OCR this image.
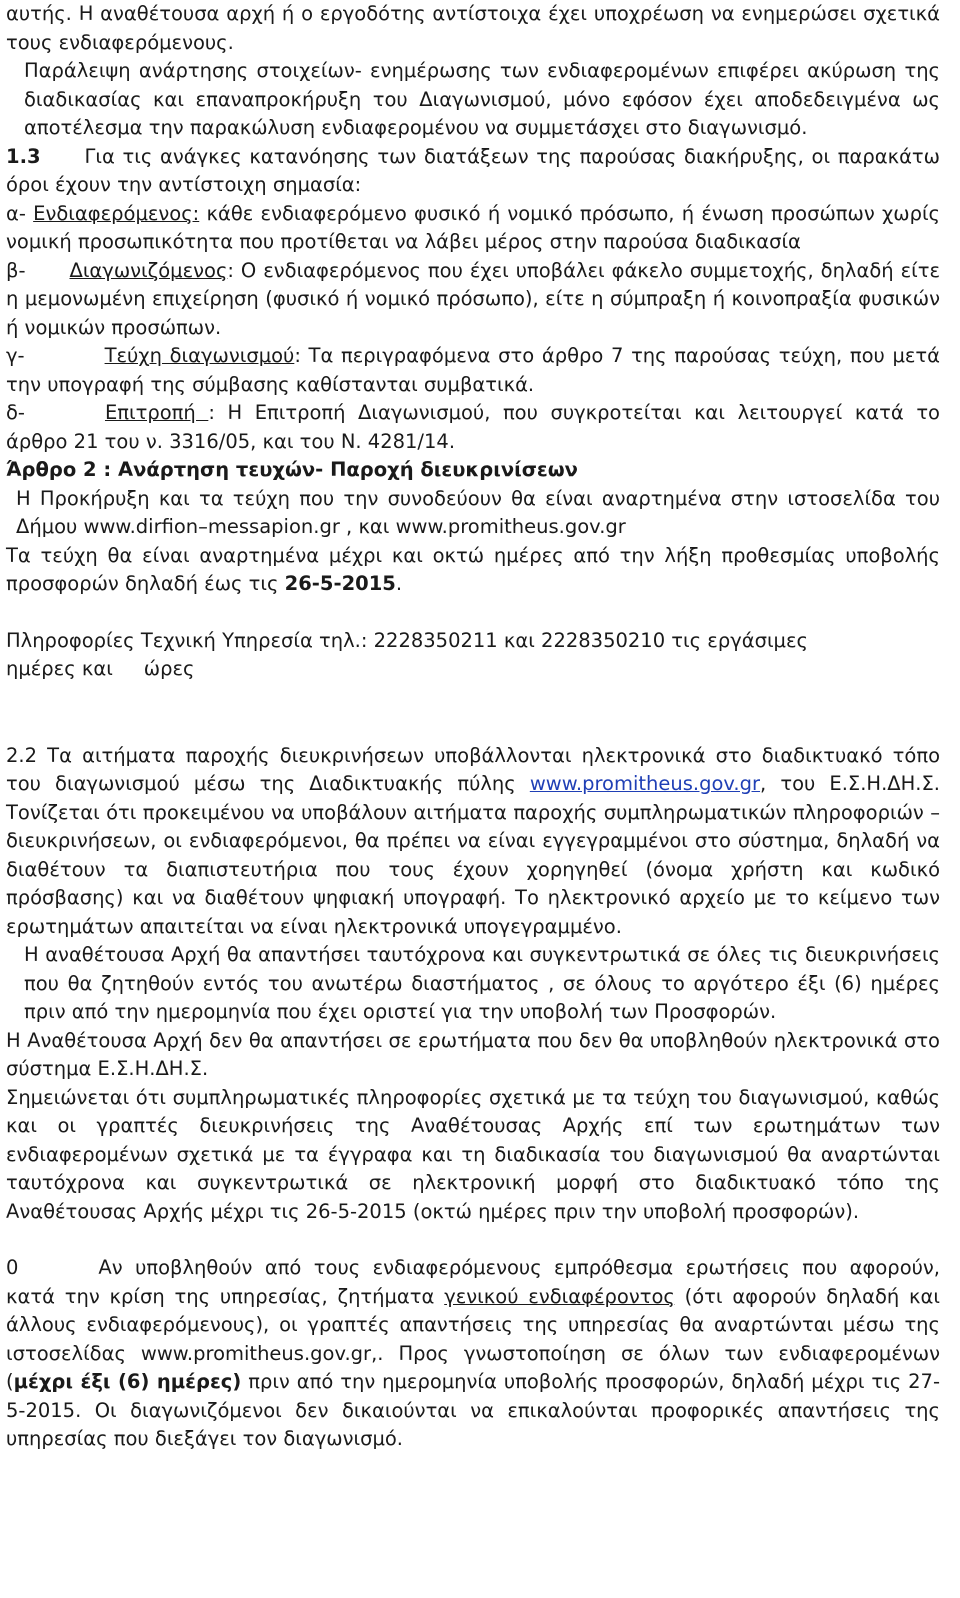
αυτής. Η αναθέτουσα αρχή ή ο εργοδότης αντίστοιχα έχει υποχρέωση να ενημερώσει σχετικά τους ενδιαφερόμενους.

Παράλειψη ανάρτησης στοιχείων- ενημέρωσης των ενδιαφερομένων επιφέρει ακύρωση της διαδικασίας και επαναπροκήρυξη του Διαγωνισμού, μόνο εφόσον έχει αποδεδειγμένα ως αποτέλεσμα την παρακώλυση ενδιαφερομένου να συμμετάσχει στο διαγωνισμό.

1.3 Για τις ανάγκες κατανόησης των διατάξεων της παρούσας διακήρυξης, οι παρακάτω όροι έχουν την αντίστοιχη σημασία:

α- Ενδιαφερόμενος: κάθε ενδιαφερόμενο φυσικό ή νομικό πρόσωπο, ή ένωση προσώπων χωρίς νομική προσωπικότητα που προτίθεται να λάβει μέρος στην παρούσα διαδικασία

β- Διαγωνιζόμενος: Ο ενδιαφερόμενος που έχει υποβάλει φάκελο συμμετοχής, δηλαδή είτε η μεμονωμένη επιχείρηση (φυσικό ή νομικό πρόσωπο), είτε η σύμπραξη ή κοινοπραξία φυσικών ή νομικών προσώπων.

γ-	Τεύχη διαγωνισμού: Τα περιγραφόμενα στο άρθρο 7 της παρούσας τεύχη, που μετά την υπογραφή της σύμβασης καθίστανται συμβατικά.

δ-	Επιτροπή : Η Επιτροπή Διαγωνισμού, που συγκροτείται και λειτουργεί κατά το άρθρο 21 του ν. 3316/05, και του Ν. 4281/14.

Άρθρο 2 : Ανάρτηση τευχών- Παροχή διευκρινίσεων

Η Προκήρυξη και τα τεύχη που την συνοδεύουν θα είναι αναρτημένα στην ιστοσελίδα του Δήμου www.dirfion–messapion.gr , και www.promitheus.gov.gr

Τα τεύχη θα είναι αναρτημένα μέχρι και οκτώ ημέρες από την λήξη προθεσμίας υποβολής προσφορών δηλαδή έως τις 26-5-2015.

Πληροφορίες Τεχνική Υπηρεσία τηλ.: 2228350211 και 2228350210 τις εργάσιμες

ημέρες και     ώρες

2.2 Τα αιτήματα παροχής διευκρινήσεων υποβάλλονται ηλεκτρονικά στο διαδικτυακό τόπο του διαγωνισμού μέσω της Διαδικτυακής πύλης www.promitheus.gov.gr, του Ε.Σ.Η.ΔΗ.Σ. Τονίζεται ότι προκειμένου να υποβάλουν αιτήματα παροχής συμπληρωματικών πληροφοριών – διευκρινήσεων, οι ενδιαφερόμενοι, θα πρέπει να είναι εγγεγραμμένοι στο σύστημα, δηλαδή να διαθέτουν τα διαπιστευτήρια που τους έχουν χορηγηθεί (όνομα χρήστη και κωδικό πρόσβασης) και να διαθέτουν ψηφιακή υπογραφή. Το ηλεκτρονικό αρχείο με το κείμενο των ερωτημάτων απαιτείται να είναι ηλεκτρονικά υπογεγραμμένο.

Η αναθέτουσα Αρχή θα απαντήσει ταυτόχρονα και συγκεντρωτικά σε όλες τις διευκρινήσεις που θα ζητηθούν εντός του ανωτέρω διαστήματος , σε όλους το αργότερο έξι (6) ημέρες πριν από την ημερομηνία που έχει οριστεί για την υποβολή των Προσφορών.

Η Αναθέτουσα Αρχή δεν θα απαντήσει σε ερωτήματα που δεν θα υποβληθούν ηλεκτρονικά στο σύστημα Ε.Σ.Η.ΔΗ.Σ.

Σημειώνεται ότι συμπληρωματικές πληροφορίες σχετικά με τα τεύχη του διαγωνισμού, καθώς και οι γραπτές διευκρινήσεις της Αναθέτουσας Αρχής επί των ερωτημάτων των ενδιαφερομένων σχετικά με τα έγγραφα και τη διαδικασία του διαγωνισμού θα αναρτώνται ταυτόχρονα και συγκεντρωτικά σε ηλεκτρονική μορφή στο διαδικτυακό τόπο της Αναθέτουσας Αρχής μέχρι τις 26-5-2015 (οκτώ ημέρες πριν την υποβολή προσφορών).

0	Αν υποβληθούν από τους ενδιαφερόμενους εμπρόθεσμα ερωτήσεις που αφορούν, κατά την κρίση της υπηρεσίας, ζητήματα γενικού ενδιαφέροντος (ότι αφορούν δηλαδή και άλλους ενδιαφερόμενους), οι γραπτές απαντήσεις της υπηρεσίας θα αναρτώνται μέσω της ιστοσελίδας www.promitheus.gov.gr,. Προς γνωστοποίηση σε όλων των ενδιαφερομένων (μέχρι έξι (6) ημέρες) πριν από την ημερομηνία υποβολής προσφορών, δηλαδή μέχρι τις 27-5-2015. Οι διαγωνιζόμενοι δεν δικαιούνται να επικαλούνται προφορικές απαντήσεις της υπηρεσίας που διεξάγει τον διαγωνισμό.
